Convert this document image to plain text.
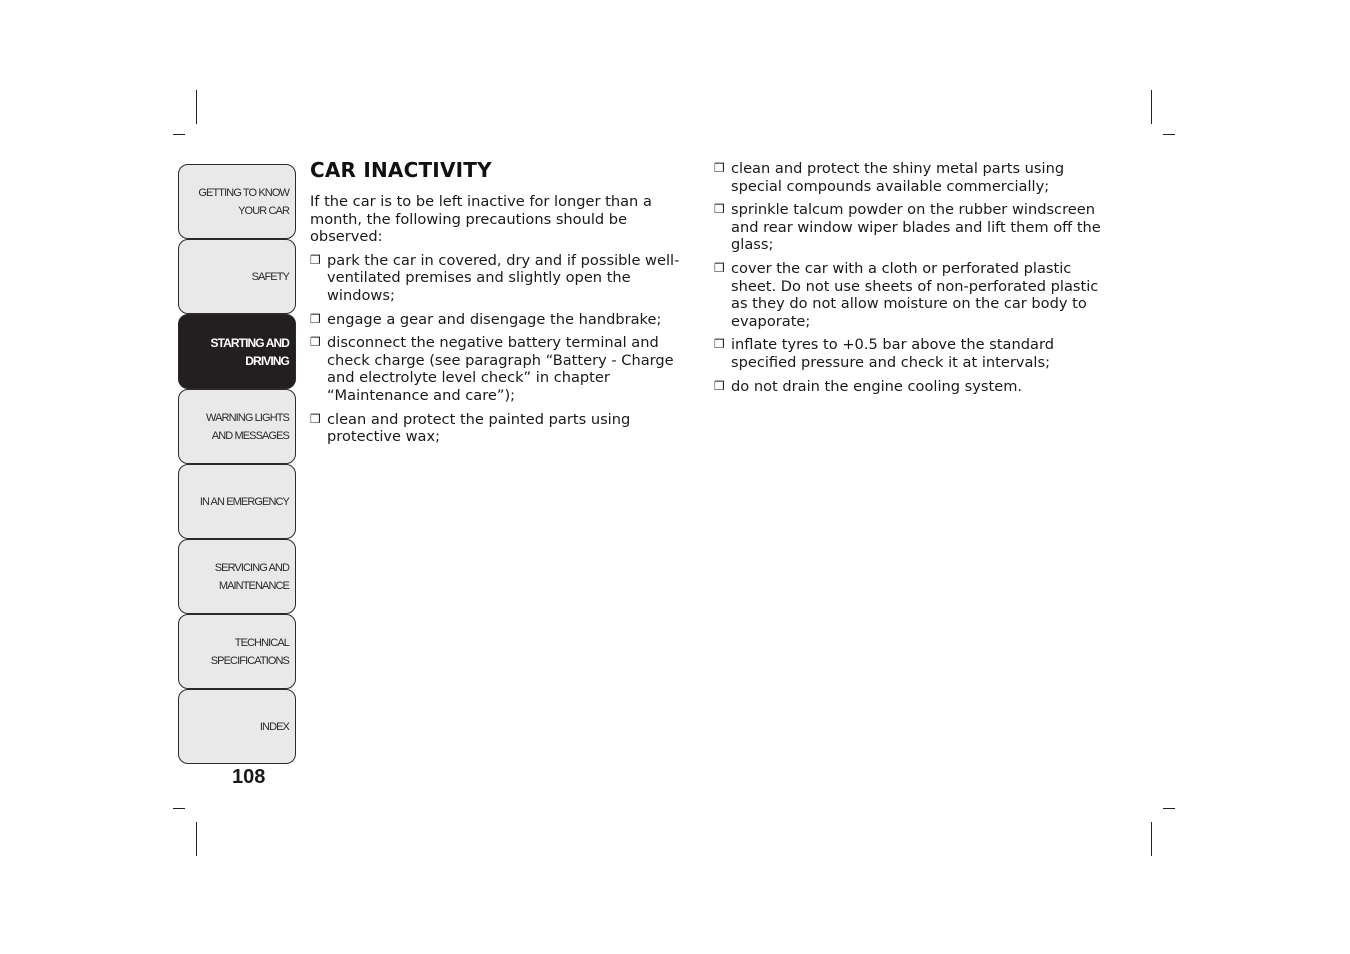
GETTING TO KNOW
YOUR CAR
SAFETY
STARTING AND
DRIVING
WARNING LIGHTS
AND MESSAGES
IN AN EMERGENCY
SERVICING AND
MAINTENANCE
TECHNICAL
SPECIFICATIONS
INDEX
108
CAR INACTIVITY

If the car is to be left inactive for longer than a month, the following precautions should be observed:

❒ park the car in covered, dry and if possible well-ventilated premises and slightly open the windows;
❒ engage a gear and disengage the handbrake;
❒ disconnect the negative battery terminal and check charge (see paragraph “Battery - Charge and electrolyte level check” in chapter “Maintenance and care”);
❒ clean and protect the painted parts using protective wax;
❒ clean and protect the shiny metal parts using special compounds available commercially;
❒ sprinkle talcum powder on the rubber windscreen and rear window wiper blades and lift them off the glass;
❒ cover the car with a cloth or perforated plastic sheet. Do not use sheets of non-perforated plastic as they do not allow moisture on the car body to evaporate;
❒ inflate tyres to +0.5 bar above the standard specified pressure and check it at intervals;
❒ do not drain the engine cooling system.
